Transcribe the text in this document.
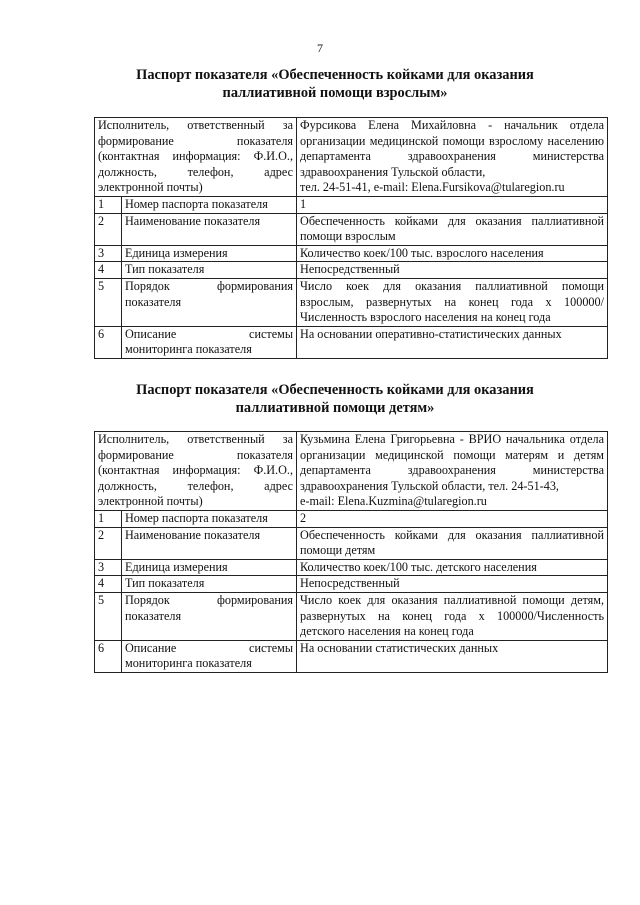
7
Паспорт показателя «Обеспеченность койками для оказания
паллиативной помощи взрослым»
Исполнитель, ответственный за формирование показателя (контактная информация: Ф.И.О., должность, телефон, адрес электронной почты)		Фурсикова Елена Михайловна - начальник отдела организации медицинской помощи взрослому населению департамента здравоохранения министерства здравоохранения Тульской области,
тел. 24-51-41, e-mail: Elena.Fursikova@tularegion.ru

1	Номер паспорта показателя	1
2	Наименование показателя	Обеспеченность койками для оказания паллиативной помощи взрослым
3	Единица измерения	Количество коек/100 тыс. взрослого населения
4	Тип показателя	Непосредственный
5	Порядок формирования показателя	Число коек для оказания паллиативной помощи взрослым, развернутых на конец года х 100000/Численность взрослого населения на конец года
6	Описание системы мониторинга показателя	На основании оперативно-статистических данных
Паспорт показателя «Обеспеченность койками для оказания
паллиативной помощи детям»
Исполнитель, ответственный за формирование показателя (контактная информация: Ф.И.О., должность, телефон, адрес электронной почты)		Кузьмина Елена Григорьевна - ВРИО начальника отдела организации медицинской помощи матерям и детям департамента здравоохранения министерства здравоохранения Тульской области, тел. 24-51-43,
e-mail: Elena.Kuzmina@tularegion.ru

1	Номер паспорта показателя	2
2	Наименование показателя	Обеспеченность койками для оказания паллиативной помощи детям
3	Единица измерения	Количество коек/100 тыс. детского населения
4	Тип показателя	Непосредственный
5	Порядок формирования показателя	Число коек для оказания паллиативной помощи детям, развернутых на конец года х 100000/Численность детского населения на конец года
6	Описание системы мониторинга показателя	На основании статистических данных
